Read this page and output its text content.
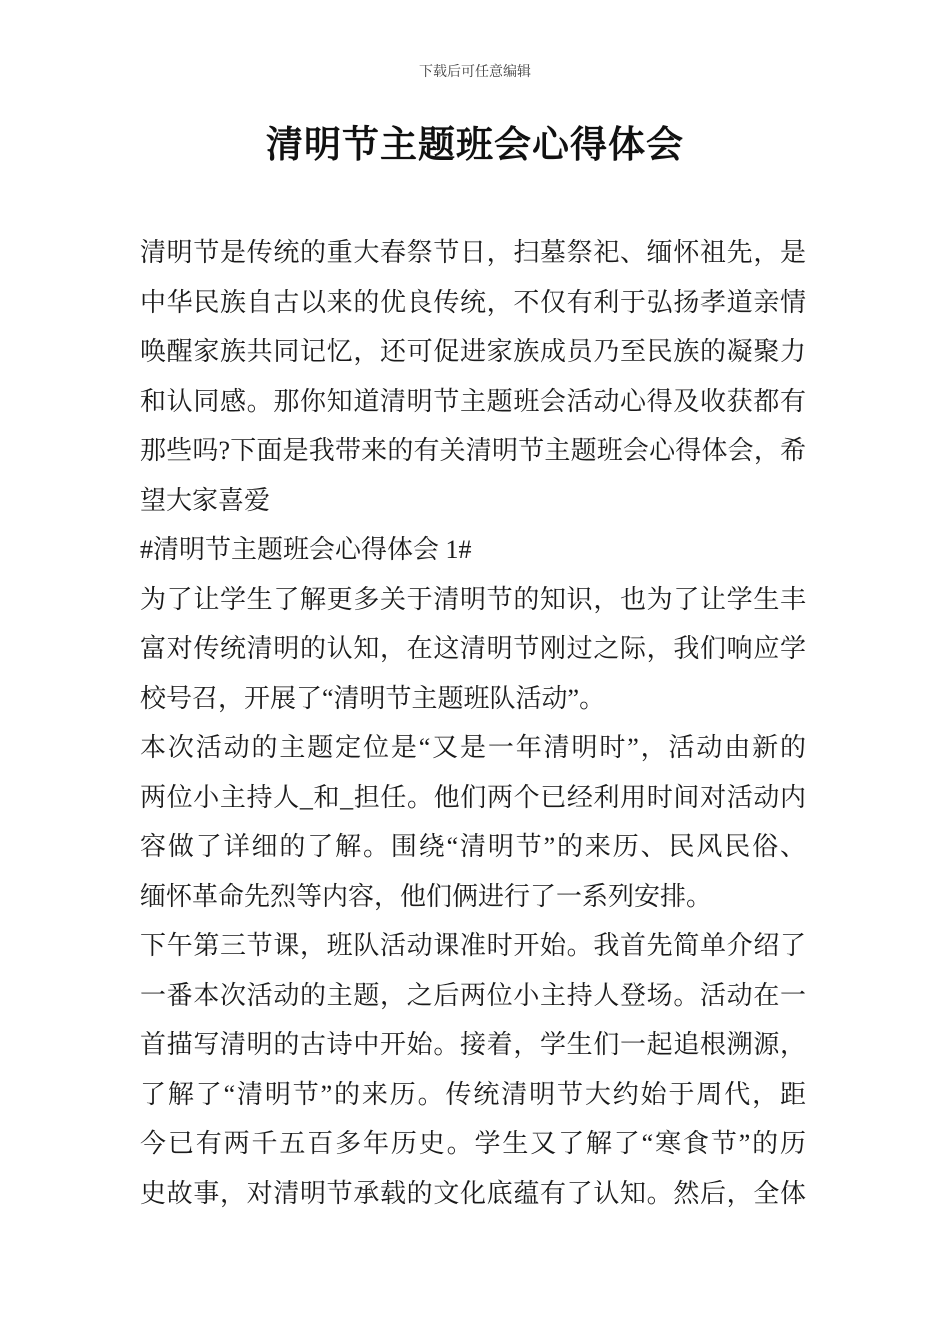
下载后可任意编辑
清明节主题班会心得体会
清明节是传统的重大春祭节日，扫墓祭祀、缅怀祖先，是
中华民族自古以来的优良传统，不仅有利于弘扬孝道亲情
唤醒家族共同记忆，还可促进家族成员乃至民族的凝聚力
和认同感。那你知道清明节主题班会活动心得及收获都有
那些吗?下面是我带来的有关清明节主题班会心得体会，希
望大家喜爱
#清明节主题班会心得体会 1#
为了让学生了解更多关于清明节的知识，也为了让学生丰
富对传统清明的认知，在这清明节刚过之际，我们响应学
校号召，开展了“清明节主题班队活动”。
本次活动的主题定位是“又是一年清明时”，活动由新的
两位小主持人_和_担任。他们两个已经利用时间对活动内
容做了详细的了解。围绕“清明节”的来历、民风民俗、
缅怀革命先烈等内容，他们俩进行了一系列安排。
下午第三节课，班队活动课准时开始。我首先简单介绍了
一番本次活动的主题，之后两位小主持人登场。活动在一
首描写清明的古诗中开始。接着，学生们一起追根溯源，
了解了“清明节”的来历。传统清明节大约始于周代，距
今已有两千五百多年历史。学生又了解了“寒食节”的历
史故事，对清明节承载的文化底蕴有了认知。然后，全体
